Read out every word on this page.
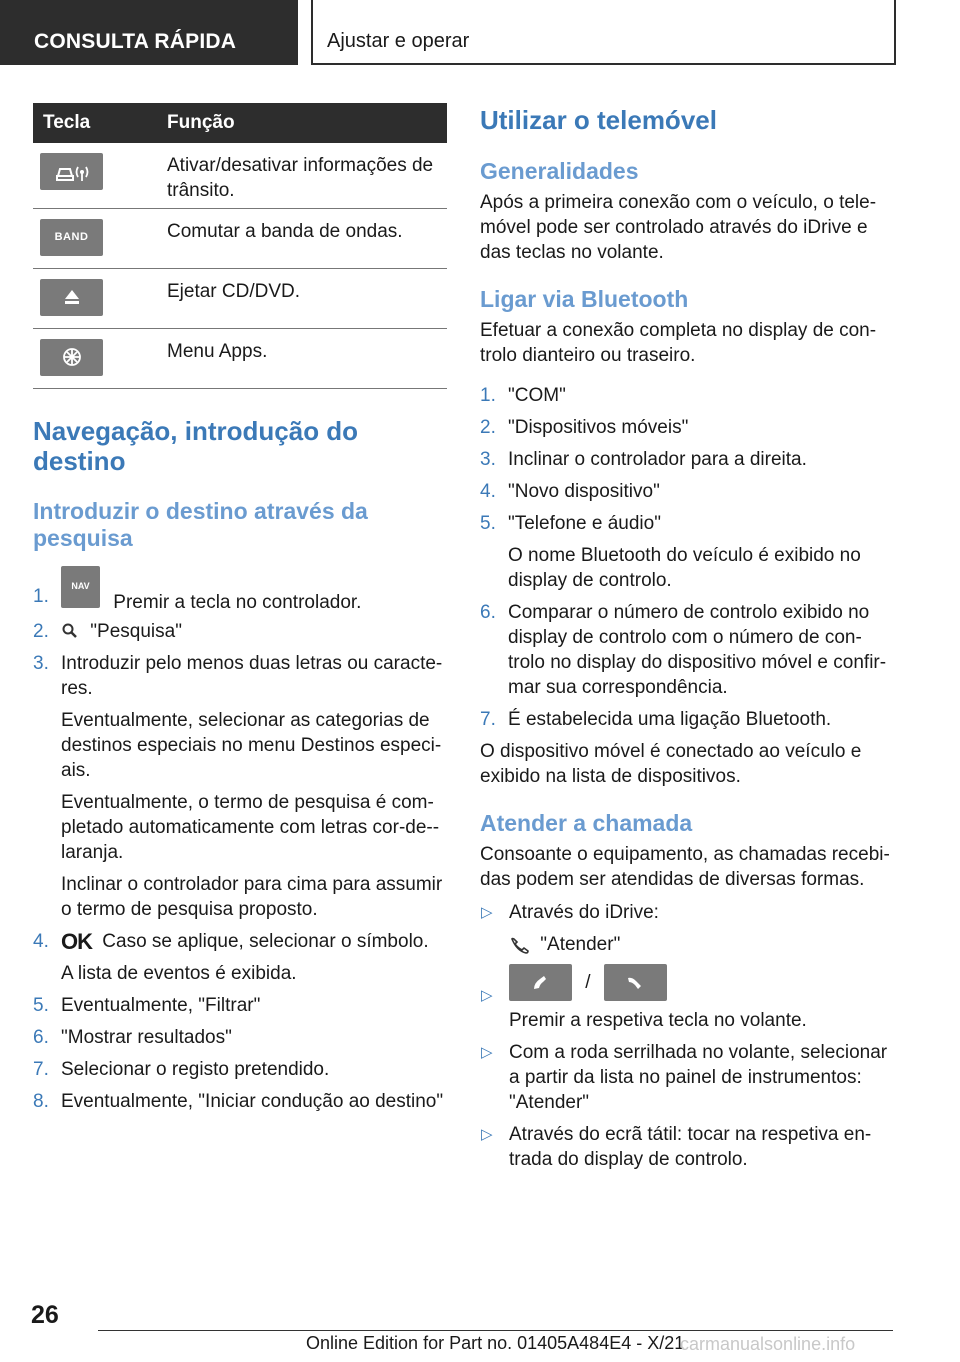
CONSULTA RÁPIDA	Ajustar e operar
Tecla	Função

	Ativar/desativar informações de trânsito.

BAND	Comutar a banda de ondas.

	Ejetar CD/DVD.

	Menu Apps.
Navegação, introdução do destino
Introduzir o destino através da pesquisa
1. NAV
Premir a tecla no controlador.
2. "Pesquisa"
3. Introduzir pelo menos duas letras ou caracte-res.
Eventualmente, selecionar as categorias de destinos especiais no menu Destinos especi-ais.
Eventualmente, o termo de pesquisa é com-pletado automaticamente com letras cor-de--laranja.
Inclinar o controlador para cima para assumir o termo de pesquisa proposto.
4. OK Caso se aplique, selecionar o símbolo.
A lista de eventos é exibida.
5. Eventualmente, "Filtrar"
6. "Mostrar resultados"
7. Selecionar o registo pretendido.
8. Eventualmente, "Iniciar condução ao destino"
Utilizar o telemóvel
Generalidades

Após a primeira conexão com o veículo, o tele-móvel pode ser controlado através do iDrive e das teclas no volante.

Ligar via Bluetooth

Efetuar a conexão completa no display de con-trolo dianteiro ou traseiro.

1. "COM"
2. "Dispositivos móveis"
3. Inclinar o controlador para a direita.
4. "Novo dispositivo"
5. "Telefone e áudio"
O nome Bluetooth do veículo é exibido no display de controlo.
6. Comparar o número de controlo exibido no display de controlo com o número de con-trolo no display do dispositivo móvel e confir-mar sua correspondência.
7. É estabelecida uma ligação Bluetooth.

O dispositivo móvel é conectado ao veículo e exibido na lista de dispositivos.

Atender a chamada

Consoante o equipamento, as chamadas recebi-das podem ser atendidas de diversas formas.

▷ Através do iDrive:
"Atender"
▷
/
Premir a respetiva tecla no volante.
▷ Com a roda serrilhada no volante, selecionar a partir da lista no painel de instrumentos: "Atender"
▷ Através do ecrã tátil: tocar na respetiva en-trada do display de controlo.
26
Online Edition for Part no. 01405A484E4 - X/21
carmanualsonline.info
